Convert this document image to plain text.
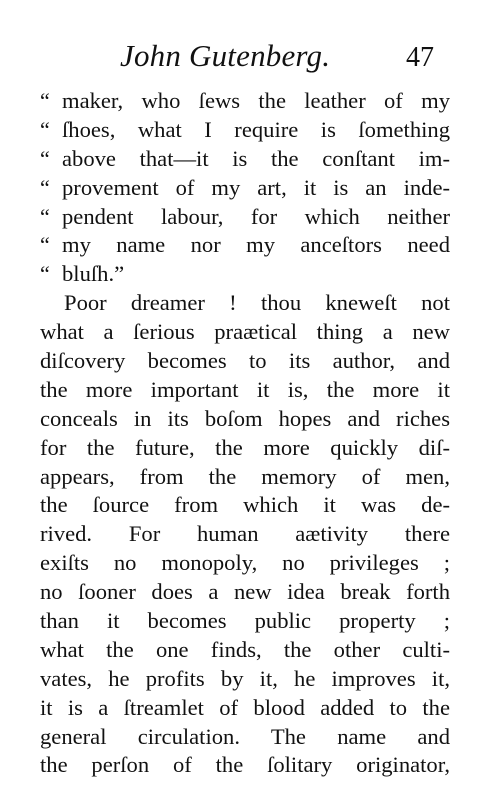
John Gutenberg.	47
“ maker, who ſews the leather of my
“ ſhoes, what I require is ſomething
“ above that—it is the conſtant im-
“ provement of my art, it is an inde-
“ pendent labour, for which neither
“ my name nor my anceſtors need
“ bluſh.”
Poor dreamer ! thou kneweſt not
what a ſerious praætical thing a new
diſcovery becomes to its author, and
the more important it is, the more it
conceals in its boſom hopes and riches
for the future, the more quickly diſ-
appears, from the memory of men,
the ſource from which it was de-
rived. For human aætivity there
exiſts no monopoly, no privileges ;
no ſooner does a new idea break forth
than it becomes public property ;
what the one finds, the other culti-
vates, he profits by it, he improves it,
it is a ſtreamlet of blood added to the
general circulation. The name and
the perſon of the ſolitary originator,
